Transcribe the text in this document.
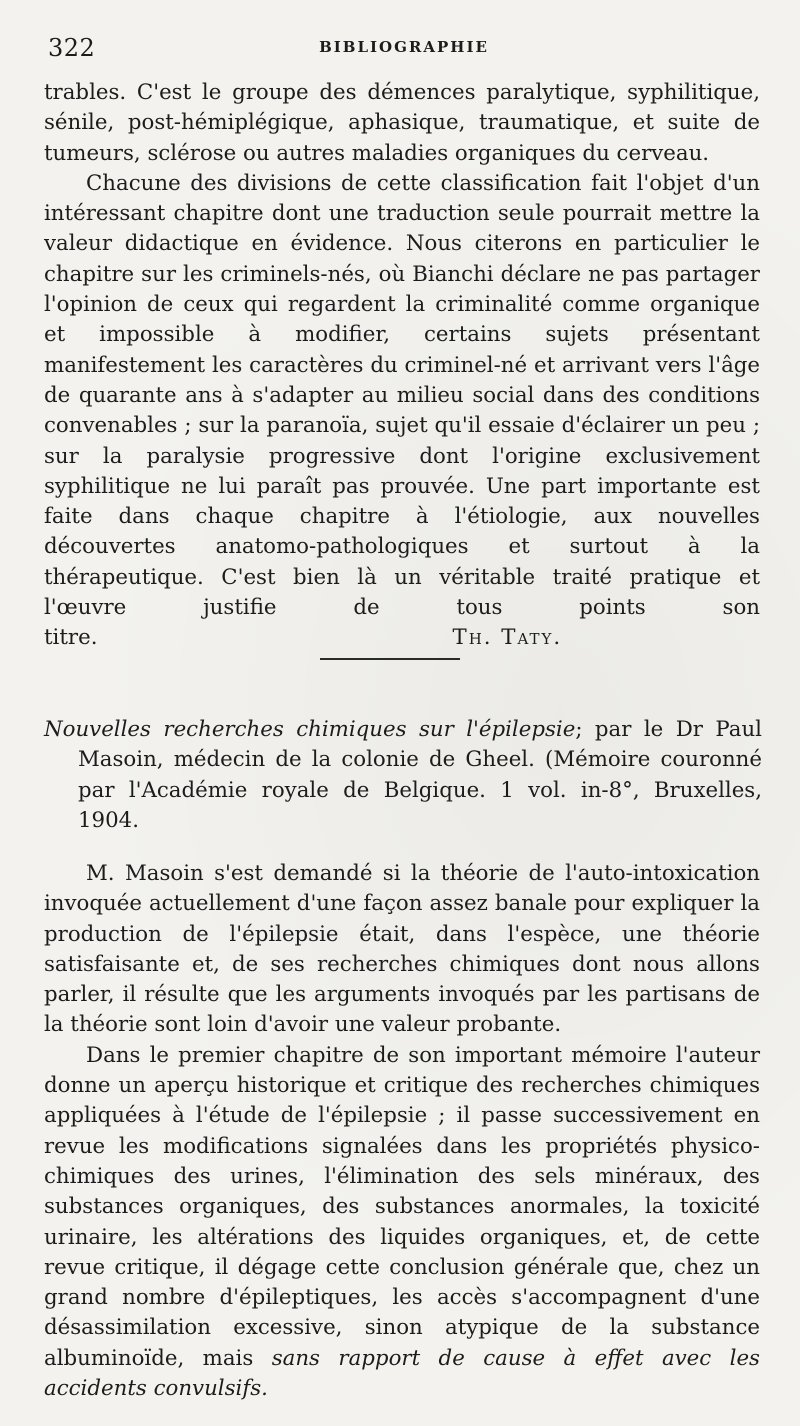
322	BIBLIOGRAPHIE

trables. C'est le groupe des démences paralytique, syphilitique, sénile, post-hémiplégique, aphasique, traumatique, et suite de tumeurs, sclérose ou autres maladies organiques du cerveau.

Chacune des divisions de cette classification fait l'objet d'un intéressant chapitre dont une traduction seule pourrait mettre la valeur didactique en évidence. Nous citerons en particulier le chapitre sur les criminels-nés, où Bianchi déclare ne pas partager l'opinion de ceux qui regardent la criminalité comme organique et impossible à modifier, certains sujets présentant manifestement les caractères du criminel-né et arrivant vers l'âge de quarante ans à s'adapter au milieu social dans des conditions convenables ; sur la paranoïa, sujet qu'il essaie d'éclairer un peu ; sur la paralysie progressive dont l'origine exclusivement syphilitique ne lui paraît pas prouvée. Une part importante est faite dans chaque chapitre à l'étiologie, aux nouvelles découvertes anatomo-pathologiques et surtout à la thérapeutique. C'est bien là un véritable traité pratique et l'œuvre justifie de tous points son titre.	Th. Taty.

Nouvelles recherches chimiques sur l'épilepsie; par le Dr Paul Masoin, médecin de la colonie de Gheel. (Mémoire couronné par l'Académie royale de Belgique. 1 vol. in-8°, Bruxelles, 1904.

M. Masoin s'est demandé si la théorie de l'auto-intoxication invoquée actuellement d'une façon assez banale pour expliquer la production de l'épilepsie était, dans l'espèce, une théorie satisfaisante et, de ses recherches chimiques dont nous allons parler, il résulte que les arguments invoqués par les partisans de la théorie sont loin d'avoir une valeur probante.

Dans le premier chapitre de son important mémoire l'auteur donne un aperçu historique et critique des recherches chimiques appliquées à l'étude de l'épilepsie ; il passe successivement en revue les modifications signalées dans les propriétés physico-chimiques des urines, l'élimination des sels minéraux, des substances organiques, des substances anormales, la toxicité urinaire, les altérations des liquides organiques, et, de cette revue critique, il dégage cette conclusion générale que, chez un grand nombre d'épileptiques, les accès s'accompagnent d'une désassimilation excessive, sinon atypique de la substance albuminoïde, mais sans rapport de cause à effet avec les accidents convulsifs.
